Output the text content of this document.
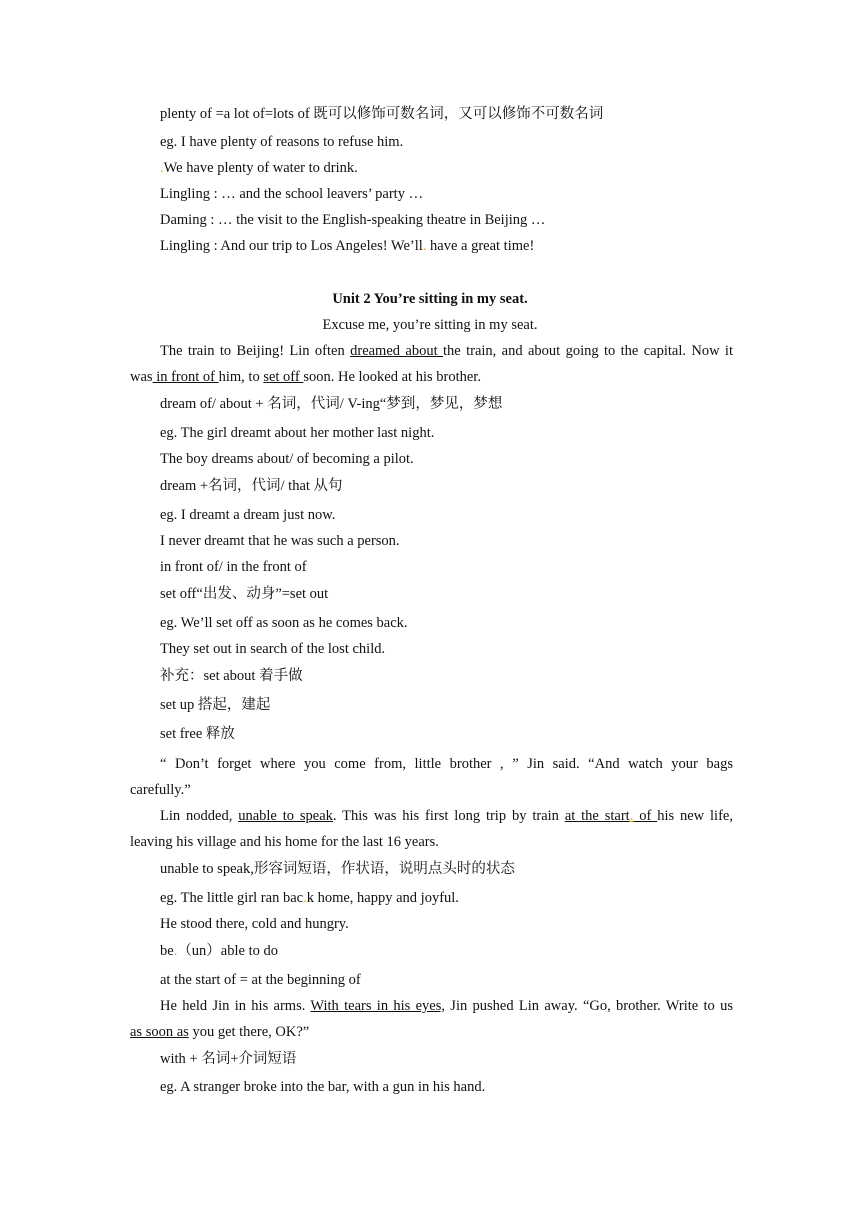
plenty of =a lot of=lots of 既可以修饰可数名词，又可以修饰不可数名词
eg. I have plenty of reasons to refuse him.
.We have plenty of water to drink.
Lingling : … and the school leavers’ party …
Daming : … the visit to the English-speaking theatre in Beijing …
Lingling : And our trip to Los Angeles! We’ll. have a great time!
Unit 2 You’re sitting in my seat.
Excuse me, you’re sitting in my seat.
The train to Beijing! Lin often dreamed about the train, and about going to the capital. Now it
was in front of him, to set off soon. He looked at his brother.
dream of/ about + 名词，代词/ V-ing“梦到，梦见，梦想
eg. The girl dreamt about her mother last night.
The boy dreams about/ of becoming a pilot.
dream +名词，代词/ that 从句
eg. I dreamt a dream just now.
I never dreamt that he was such a person.
in front of/ in the front of
set off“出发、动身”=set out
eg. We’ll set off as soon as he comes back.
They set out in search of the lost child.
补充：set about 着手做
set up 搭起，建起
set free 释放
“ Don’t forget where you come from, little brother , ” Jin said. “And watch your bags
carefully.”
Lin nodded, unable to speak. This was his first long trip by train at the start. of his new life,
leaving his village and his home for the last 16 years.
unable to speak,形容词短语，作状语，说明点头时的状态
eg. The little girl ran bac.k home, happy and joyful.
He stood there, cold and hungry.
be.（un）able to do
at the start of = at the beginning of
He held Jin in his arms. With tears in his eyes, Jin pushed Lin away. “Go, brother. Write to us
as soon as you get there, OK?”
with + 名词+介词短语
eg. A stranger broke into the bar, with a gun in his hand.
